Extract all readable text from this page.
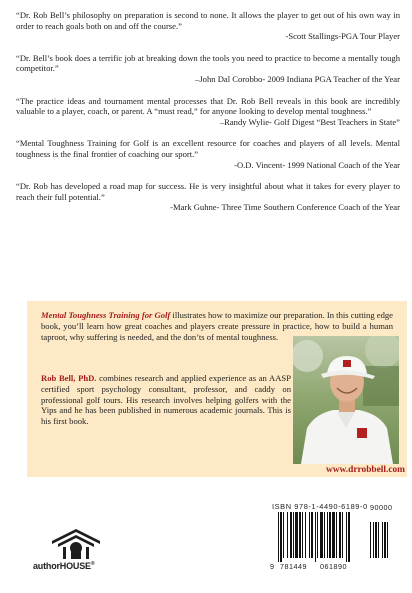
“Dr. Rob Bell’s philosophy on preparation is second to none. It allows the player to get out of his own way in order to reach goals both on and off the course.”
-Scott Stallings-PGA Tour Player
“Dr. Bell’s book does a terrific job at breaking down the tools you need to practice to become a mentally tough competitor.”
–John Dal Corobbo- 2009 Indiana PGA Teacher of the Year
“The practice ideas and tournament mental processes that Dr. Rob Bell reveals in this book are incredibly valuable to a player, coach, or parent. A “must read,” for anyone looking to develop mental toughness.”
–Randy Wylie- Golf Digest “Best Teachers in State”
“Mental Toughness Training for Golf is an excellent resource for coaches and players of all levels. Mental toughness is the final frontier of coaching our sport.”
-O.D. Vincent- 1999 National Coach of the Year
“Dr. Rob has developed a road map for success. He is very insightful about what it takes for every player to reach their full potential.”
-Mark Guhne- Three Time Southern Conference Coach of the Year
Mental Toughness Training for Golf illustrates how to maximize our preparation. In this cutting edge book, you’ll learn how great coaches and players create pressure in practice, how to build a human taproot, why suffering is needed, and the don’ts of mental toughness.
Rob Bell, PhD. combines research and applied experience as an AASP certified sport psychology consultant, professor, and caddy on professional golf tours. His research involves helping golfers with the Yips and he has been published in numerous academic journals. This is his first book.
www.drrobbell.com
authorHOUSE®
ISBN 978-1-4490-6189-0
9 781449 061890
90000
